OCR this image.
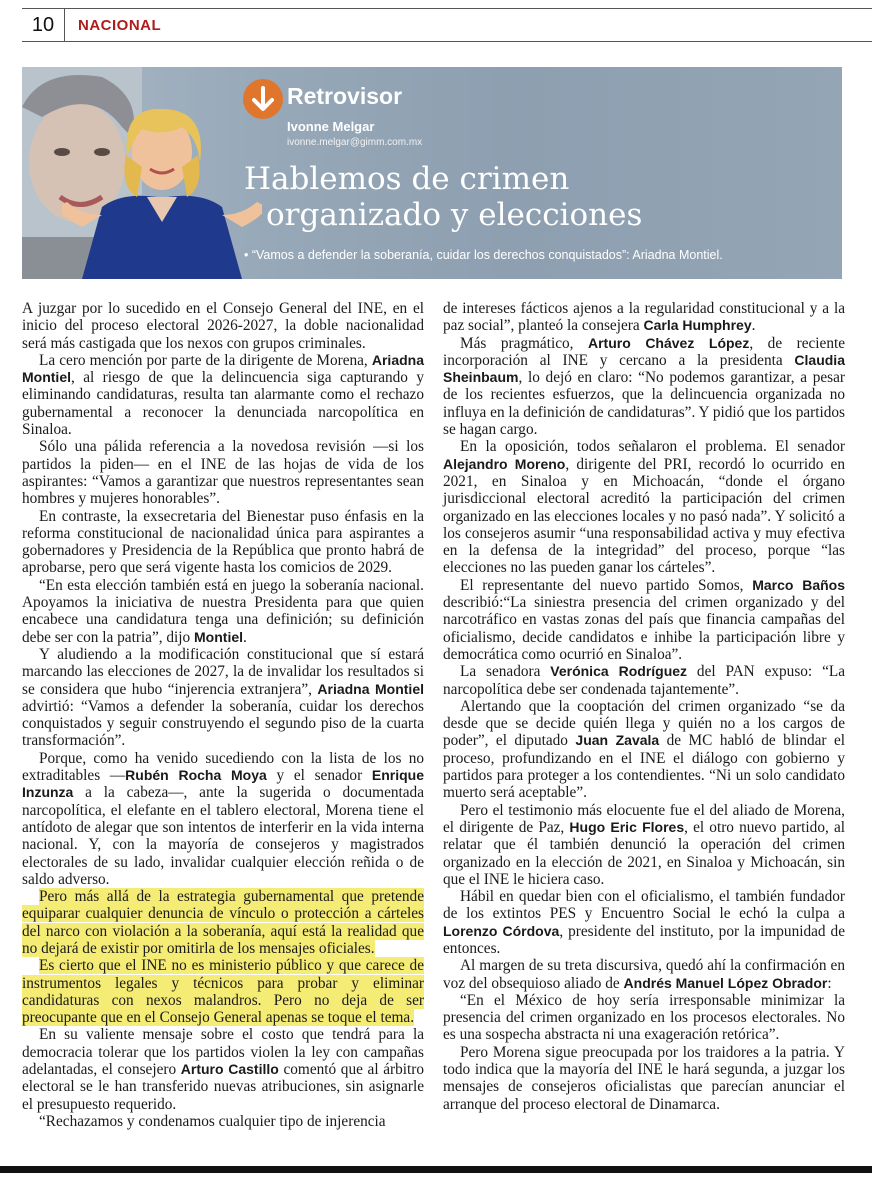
10	NACIONAL
Retrovisor
Ivonne Melgar
ivonne.melgar@gimm.com.mx
Hablemos de crimen
organizado y elecciones
• “Vamos a defender la soberanía, cuidar los derechos conquistados”: Ariadna Montiel.

A juzgar por lo sucedido en el Consejo General del INE, en el inicio del proceso electoral 2026-2027, la doble nacionalidad será más castigada que los nexos con grupos criminales.

La cero mención por parte de la dirigente de Morena, Ariadna Montiel, al riesgo de que la delincuencia siga capturando y eliminando candidaturas, resulta tan alarmante como el rechazo gubernamental a reconocer la denunciada narcopolítica en Sinaloa.

Sólo una pálida referencia a la novedosa revisión —si los partidos la piden— en el INE de las hojas de vida de los aspirantes: “Vamos a garantizar que nuestros representantes sean hombres y mujeres honorables”.

En contraste, la exsecretaria del Bienestar puso énfasis en la reforma constitucional de nacionalidad única para aspirantes a gobernadores y Presidencia de la República que pronto habrá de aprobarse, pero que será vigente hasta los comicios de 2029.

“En esta elección también está en juego la soberanía nacional. Apoyamos la iniciativa de nuestra Presidenta para que quien encabece una candidatura tenga una definición; su definición debe ser con la patria”, dijo Montiel.

Y aludiendo a la modificación constitucional que sí estará marcando las elecciones de 2027, la de invalidar los resultados si se considera que hubo “injerencia extranjera”, Ariadna Montiel advirtió: “Vamos a defender la soberanía, cuidar los derechos conquistados y seguir construyendo el segundo piso de la cuarta transformación”.

Porque, como ha venido sucediendo con la lista de los no extraditables —Rubén Rocha Moya y el senador Enrique Inzunza a la cabeza—, ante la sugerida o documentada narcopolítica, el elefante en el tablero electoral, Morena tiene el antídoto de alegar que son intentos de interferir en la vida interna nacional. Y, con la mayoría de consejeros y magistrados electorales de su lado, invalidar cualquier elección reñida o de saldo adverso.

Pero más allá de la estrategia gubernamental que pretende equiparar cualquier denuncia de vínculo o protección a cárteles del narco con violación a la soberanía, aquí está la realidad que no dejará de existir por omitirla de los mensajes oficiales.

Es cierto que el INE no es ministerio público y que carece de instrumentos legales y técnicos para probar y eliminar candidaturas con nexos malandros. Pero no deja de ser preocupante que en el Consejo General apenas se toque el tema.

En su valiente mensaje sobre el costo que tendrá para la democracia tolerar que los partidos violen la ley con campañas adelantadas, el consejero Arturo Castillo comentó que al árbitro electoral se le han transferido nuevas atribuciones, sin asignarle el presupuesto requerido.

“Rechazamos y condenamos cualquier tipo de injerencia

de intereses fácticos ajenos a la regularidad constitucional y a la paz social”, planteó la consejera Carla Humphrey.

Más pragmático, Arturo Chávez López, de reciente incorporación al INE y cercano a la presidenta Claudia Sheinbaum, lo dejó en claro: “No podemos garantizar, a pesar de los recientes esfuerzos, que la delincuencia organizada no influya en la definición de candidaturas”. Y pidió que los partidos se hagan cargo.

En la oposición, todos señalaron el problema. El senador Alejandro Moreno, dirigente del PRI, recordó lo ocurrido en 2021, en Sinaloa y en Michoacán, “donde el órgano jurisdiccional electoral acreditó la participación del crimen organizado en las elecciones locales y no pasó nada”. Y solicitó a los consejeros asumir “una responsabilidad activa y muy efectiva en la defensa de la integridad” del proceso, porque “las elecciones no las pueden ganar los cárteles”.

El representante del nuevo partido Somos, Marco Baños describió:“La siniestra presencia del crimen organizado y del narcotráfico en vastas zonas del país que financia campañas del oficialismo, decide candidatos e inhibe la participación libre y democrática como ocurrió en Sinaloa”.

La senadora Verónica Rodríguez del PAN expuso: “La narcopolítica debe ser condenada tajantemente”.

Alertando que la cooptación del crimen organizado “se da desde que se decide quién llega y quién no a los cargos de poder”, el diputado Juan Zavala de MC habló de blindar el proceso, profundizando en el INE el diálogo con gobierno y partidos para proteger a los contendientes. “Ni un solo candidato muerto será aceptable”.

Pero el testimonio más elocuente fue el del aliado de Morena, el dirigente de Paz, Hugo Eric Flores, el otro nuevo partido, al relatar que él también denunció la operación del crimen organizado en la elección de 2021, en Sinaloa y Michoacán, sin que el INE le hiciera caso.

Hábil en quedar bien con el oficialismo, el también fundador de los extintos PES y Encuentro Social le echó la culpa a Lorenzo Córdova, presidente del instituto, por la impunidad de entonces.

Al margen de su treta discursiva, quedó ahí la confirmación en voz del obsequioso aliado de Andrés Manuel López Obrador:

“En el México de hoy sería irresponsable minimizar la presencia del crimen organizado en los procesos electorales. No es una sospecha abstracta ni una exageración retórica”.

Pero Morena sigue preocupada por los traidores a la patria. Y todo indica que la mayoría del INE le hará segunda, a juzgar los mensajes de consejeros oficialistas que parecían anunciar el arranque del proceso electoral de Dinamarca.
